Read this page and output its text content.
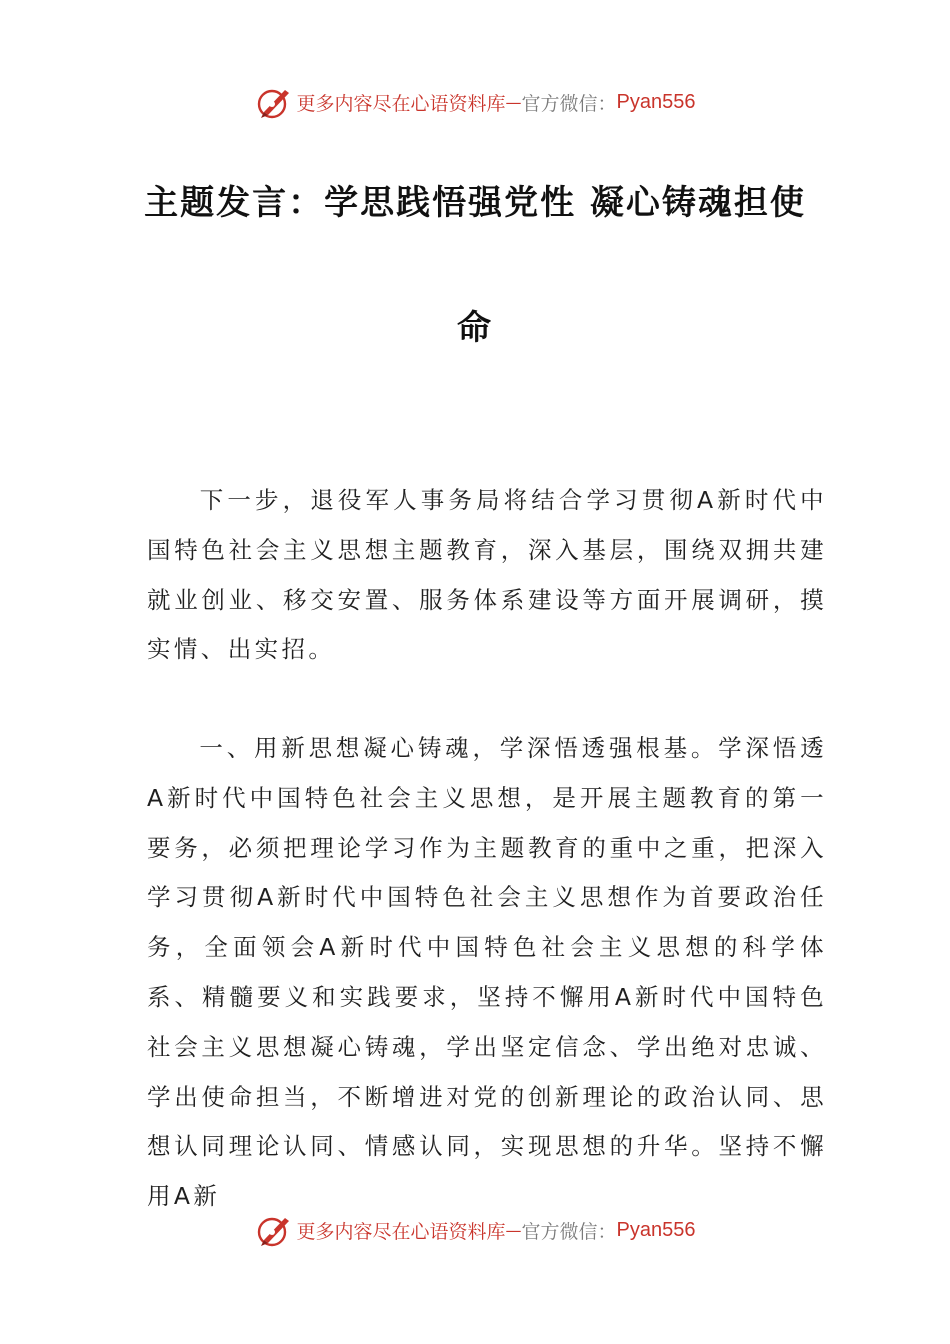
更多内容尽在心语资料库 — 官方微信： Pyan556
主题发言：学思践悟强党性 凝心铸魂担使
命

下一步，退役军人事务局将结合学习贯彻A新时代中国特色社会主义思想主题教育，深入基层，围绕双拥共建就业创业、移交安置、服务体系建设等方面开展调研，摸实情、出实招。

一、用新思想凝心铸魂，学深悟透强根基。学深悟透A新时代中国特色社会主义思想，是开展主题教育的第一要务，必须把理论学习作为主题教育的重中之重，把深入学习贯彻A新时代中国特色社会主义思想作为首要政治任务，全面领会A新时代中国特色社会主义思想的科学体系、精髓要义和实践要求，坚持不懈用A新时代中国特色社会主义思想凝心铸魂，学出坚定信念、学出绝对忠诚、学出使命担当，不断增进对党的创新理论的政治认同、思想认同理论认同、情感认同，实现思想的升华。坚持不懈用A新

更多内容尽在心语资料库 — 官方微信： Pyan556
